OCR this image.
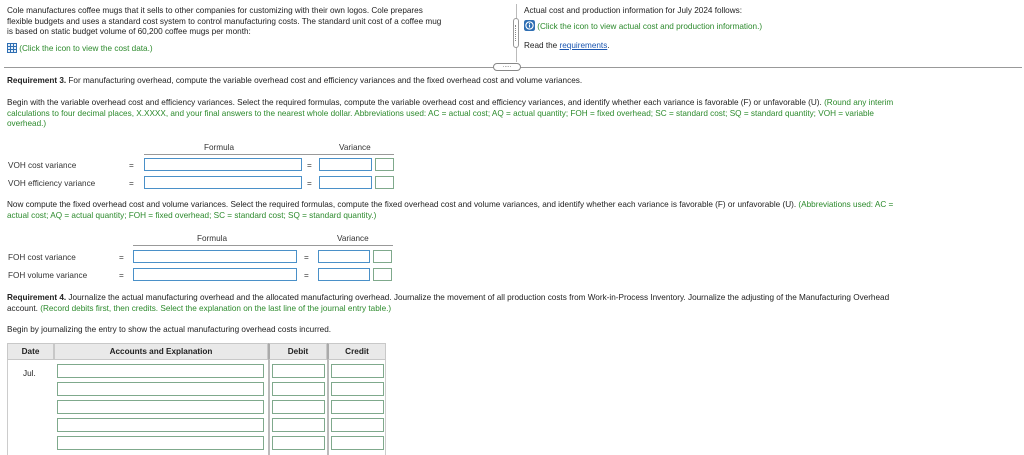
Cole manufactures coffee mugs that it sells to other companies for customizing with their own logos. Cole prepares
flexible budgets and uses a standard cost system to control manufacturing costs. The standard unit cost of a coffee mug
is based on static budget volume of 60,200 coffee mugs per month:
(Click the icon to view the cost data.)
Actual cost and production information for July 2024 follows:
(Click the icon to view actual cost and production information.)
Read the requirements.
.....
Requirement 3. For manufacturing overhead, compute the variable overhead cost and efficiency variances and the fixed overhead cost and volume variances.
Begin with the variable overhead cost and efficiency variances. Select the required formulas, compute the variable overhead cost and efficiency variances, and identify whether each variance is favorable (F) or unfavorable (U). (Round any interim
calculations to four decimal places, X.XXXX, and your final answers to the nearest whole dollar. Abbreviations used: AC = actual cost; AQ = actual quantity; FOH = fixed overhead; SC = standard cost; SQ = standard quantity; VOH = variable
overhead.)
Formula	Variance
VOH cost variance	=	=
VOH efficiency variance	=	=
Now compute the fixed overhead cost and volume variances. Select the required formulas, compute the fixed overhead cost and volume variances, and identify whether each variance is favorable (F) or unfavorable (U). (Abbreviations used: AC =
actual cost; AQ = actual quantity; FOH = fixed overhead; SC = standard cost; SQ = standard quantity.)
Formula	Variance
FOH cost variance	=	=
FOH volume variance	=	=
Requirement 4. Journalize the actual manufacturing overhead and the allocated manufacturing overhead. Journalize the movement of all production costs from Work-in-Process Inventory. Journalize the adjusting of the Manufacturing Overhead
account. (Record debits first, then credits. Select the explanation on the last line of the journal entry table.)
Begin by journalizing the entry to show the actual manufacturing overhead costs incurred.
Date	Accounts and Explanation	Debit	Credit
Jul.
